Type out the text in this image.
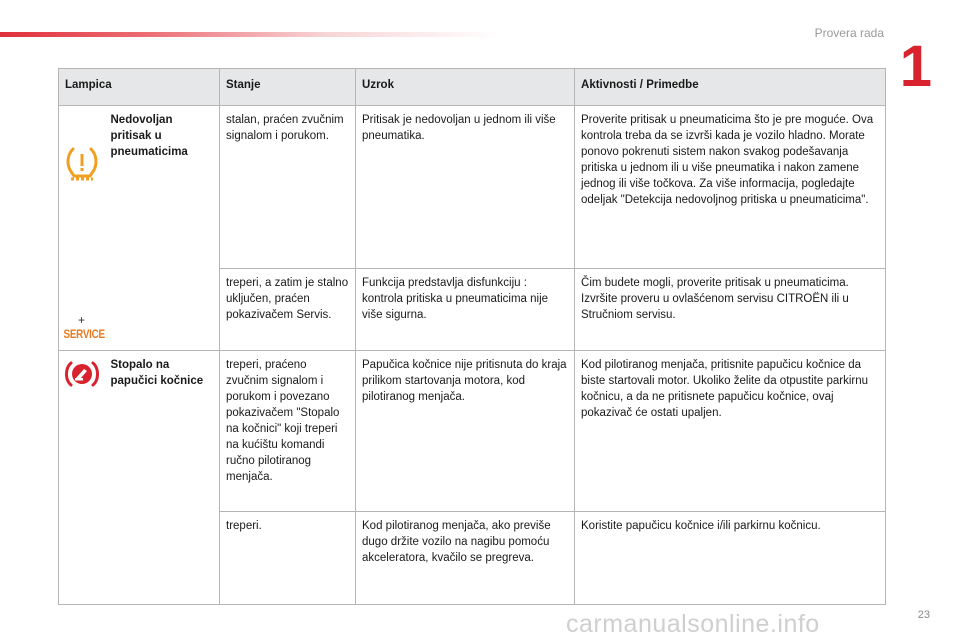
Provera rada
1
Lampica		Stanje	Uzrok	Aktivnosti / Primedbe

+
SERVICE	Nedovoljan pritisak u pneumaticima	stalan, praćen zvučnim signalom i porukom.	Pritisak je nedovoljan u jednom ili više pneumatika.	Proverite pritisak u pneumaticima što je pre moguće. Ova kontrola treba da se izvrši kada je vozilo hladno. Morate ponovo pokrenuti sistem nakon svakog podešavanja pritiska u jednom ili u više pneumatika i nakon zamene jednog ili više točkova. Za više informacija, pogledajte odeljak "Detekcija nedovoljnog pritiska u pneumaticima".
		treperi, a zatim je stalno uključen, praćen pokazivačem Servis.	Funkcija predstavlja disfunkciju : kontrola pritiska u pneumaticima nije više sigurna.	Čim budete mogli, proverite pritisak u pneumaticima. Izvršite proveru u ovlašćenom servisu CITROËN ili u Stručniom servisu.

	Stopalo na papučici kočnice	treperi, praćeno zvučnim signalom i porukom i povezano pokazivačem "Stopalo na kočnici" koji treperi na kućištu komandi ručno pilotiranog menjača.	Papučica kočnice nije pritisnuta do kraja prilikom startovanja motora, kod pilotiranog menjača.	Kod pilotiranog menjača, pritisnite papučicu kočnice da biste startovali motor. Ukoliko želite da otpustite parkirnu kočnicu, a da ne pritisnete papučicu kočnice, ovaj pokazivač će ostati upaljen.
		treperi.	Kod pilotiranog menjača, ako previše dugo držite vozilo na nagibu pomoću akceleratora, kvačilo se pregreva.	Koristite papučicu kočnice i/ili parkirnu kočnicu.
23
carmanualsonline.info
